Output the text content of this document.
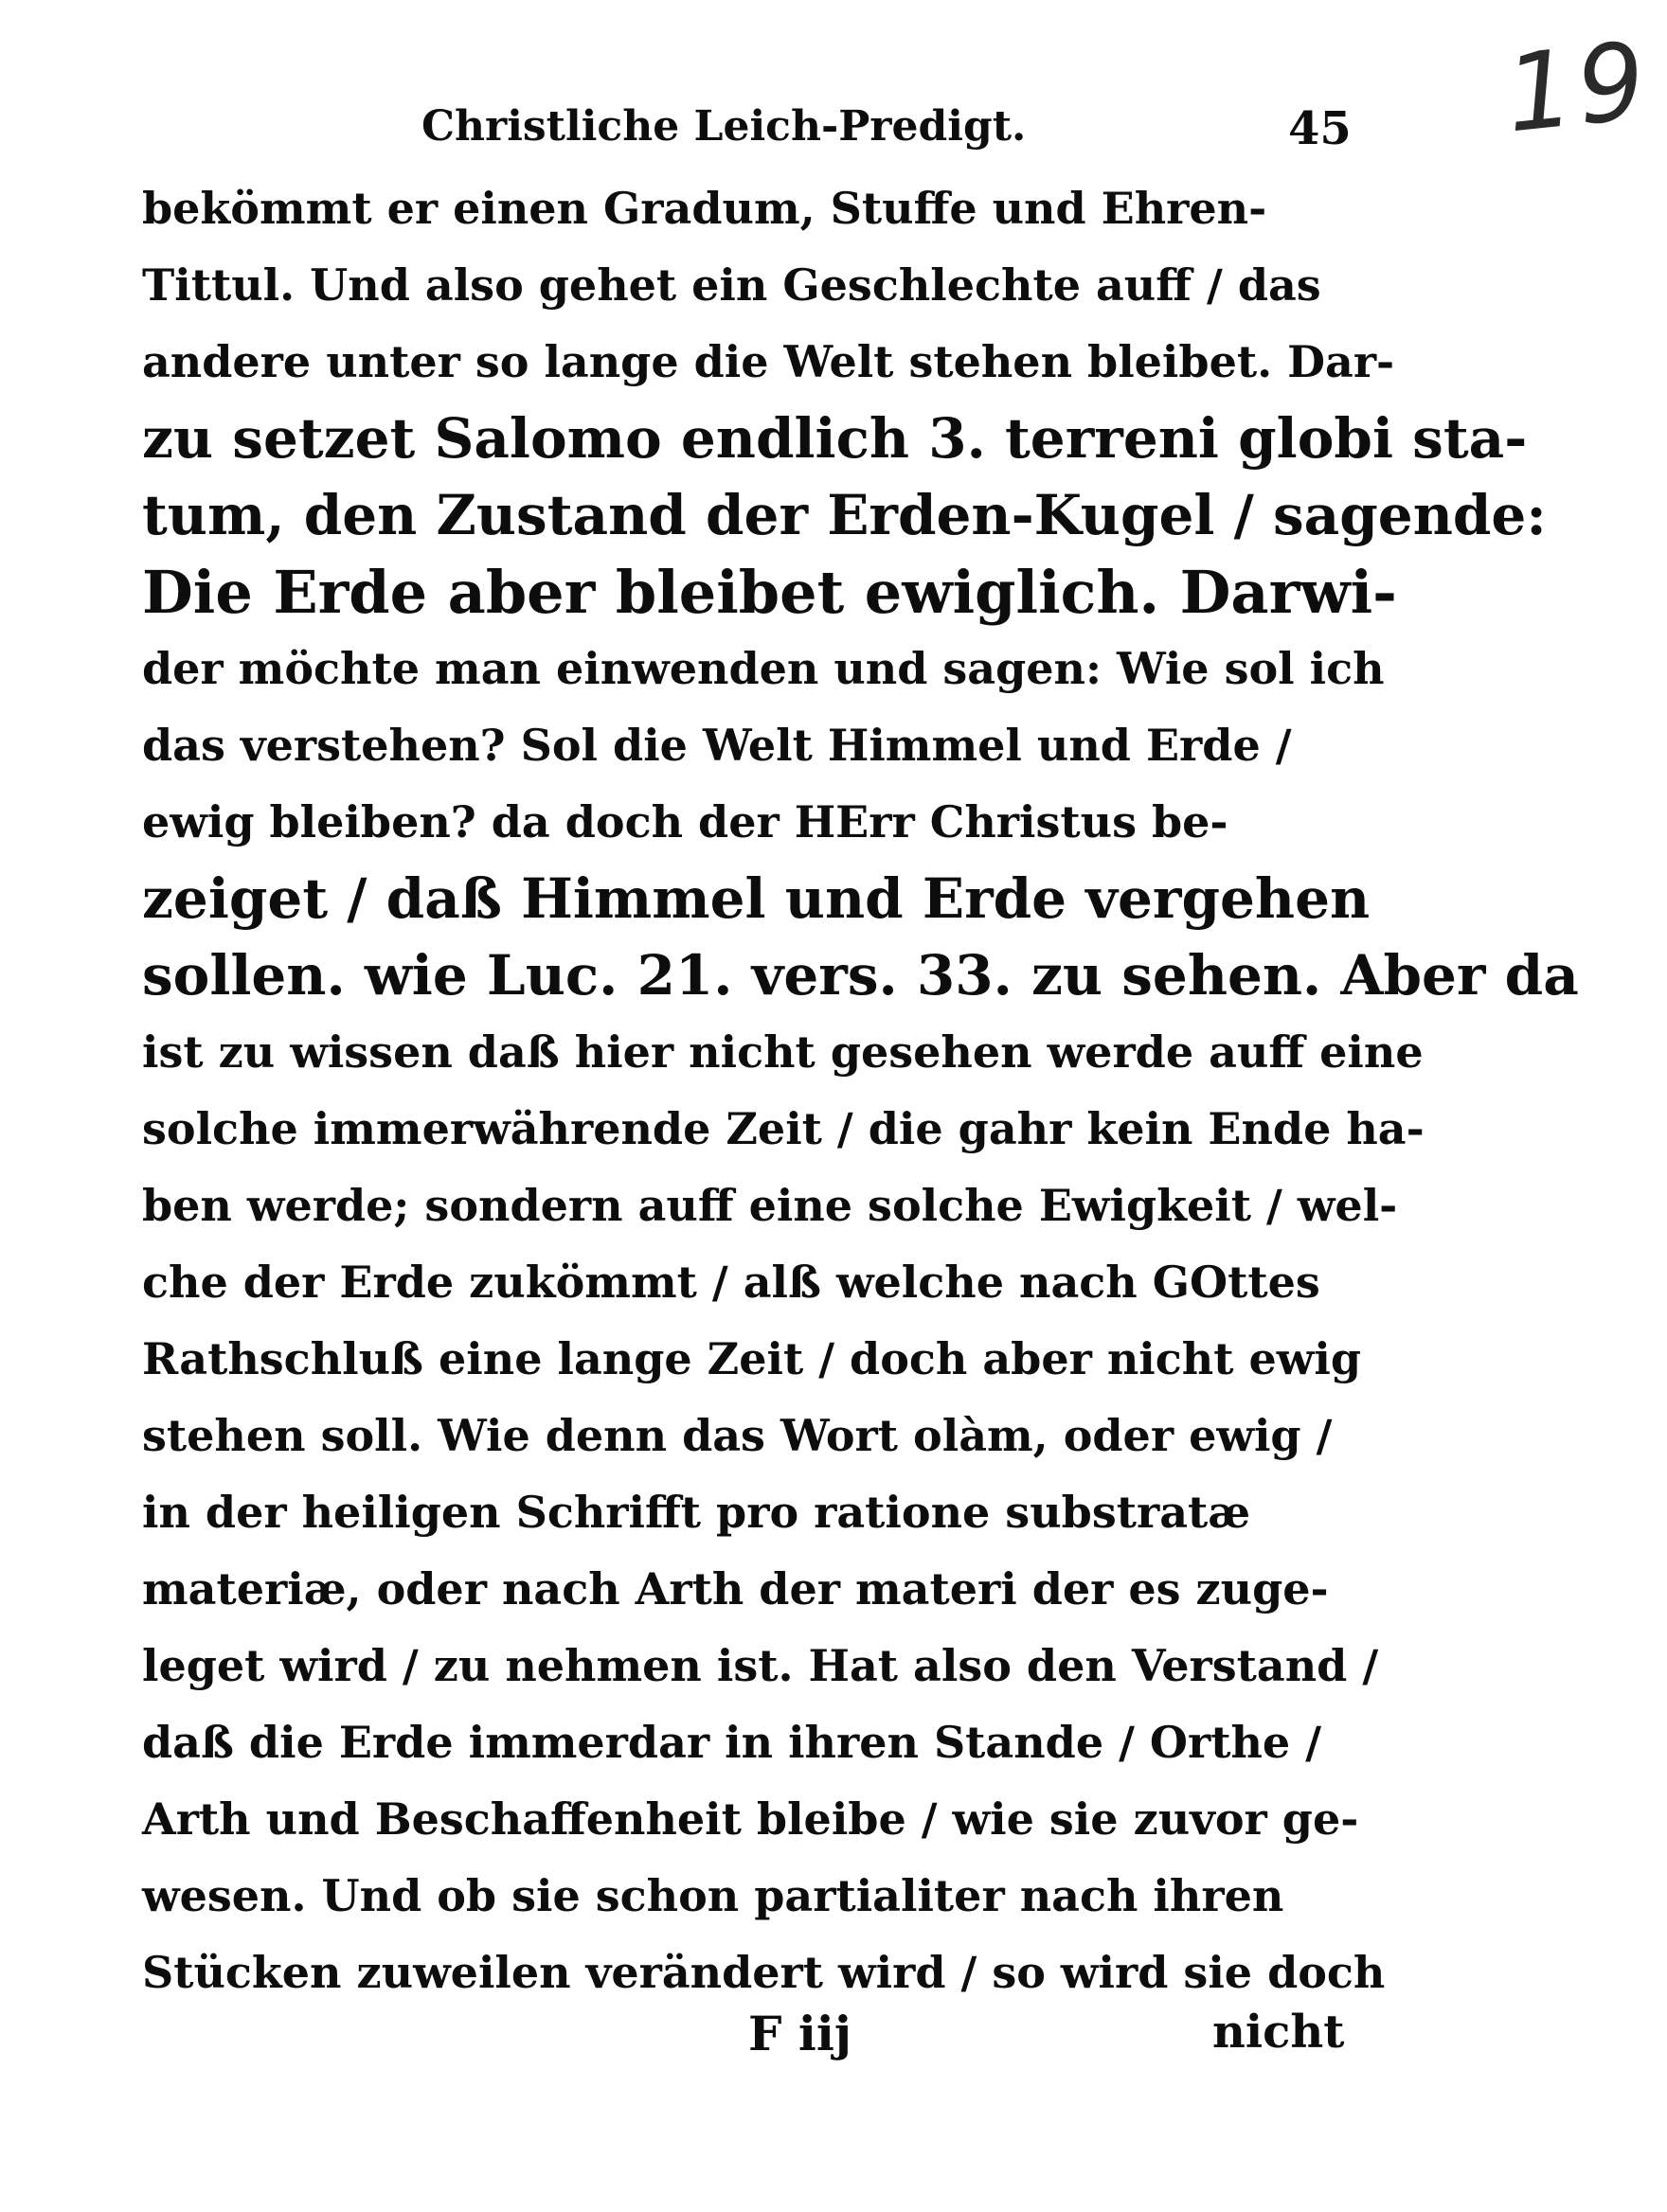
19
Christliche Leich-Predigt.	45
bekömmt er einen Gradum, Stuffe und Ehren-
Tittul. Und also gehet ein Geschlechte auff / das
andere unter so lange die Welt stehen bleibet. Dar-
zu setzet Salomo endlich 3. terreni globi sta-
tum, den Zustand der Erden-Kugel / sagende:
Die Erde aber bleibet ewiglich. Darwi-
der möchte man einwenden und sagen: Wie sol ich
das verstehen? Sol die Welt Himmel und Erde /
ewig bleiben? da doch der HErr Christus be-
zeiget / daß Himmel und Erde vergehen
sollen. wie Luc. 21. vers. 33. zu sehen. Aber da
ist zu wissen daß hier nicht gesehen werde auff eine
solche immerwährende Zeit / die gahr kein Ende ha-
ben werde; sondern auff eine solche Ewigkeit / wel-
che der Erde zukömmt / alß welche nach GOttes
Rathschluß eine lange Zeit / doch aber nicht ewig
stehen soll. Wie denn das Wort olàm, oder ewig /
in der heiligen Schrifft pro ratione substratæ
materiæ, oder nach Arth der materi der es zuge-
leget wird / zu nehmen ist. Hat also den Verstand /
daß die Erde immerdar in ihren Stande / Orthe /
Arth und Beschaffenheit bleibe / wie sie zuvor ge-
wesen. Und ob sie schon partialiter nach ihren
Stücken zuweilen verändert wird / so wird sie doch
F iij	nicht
